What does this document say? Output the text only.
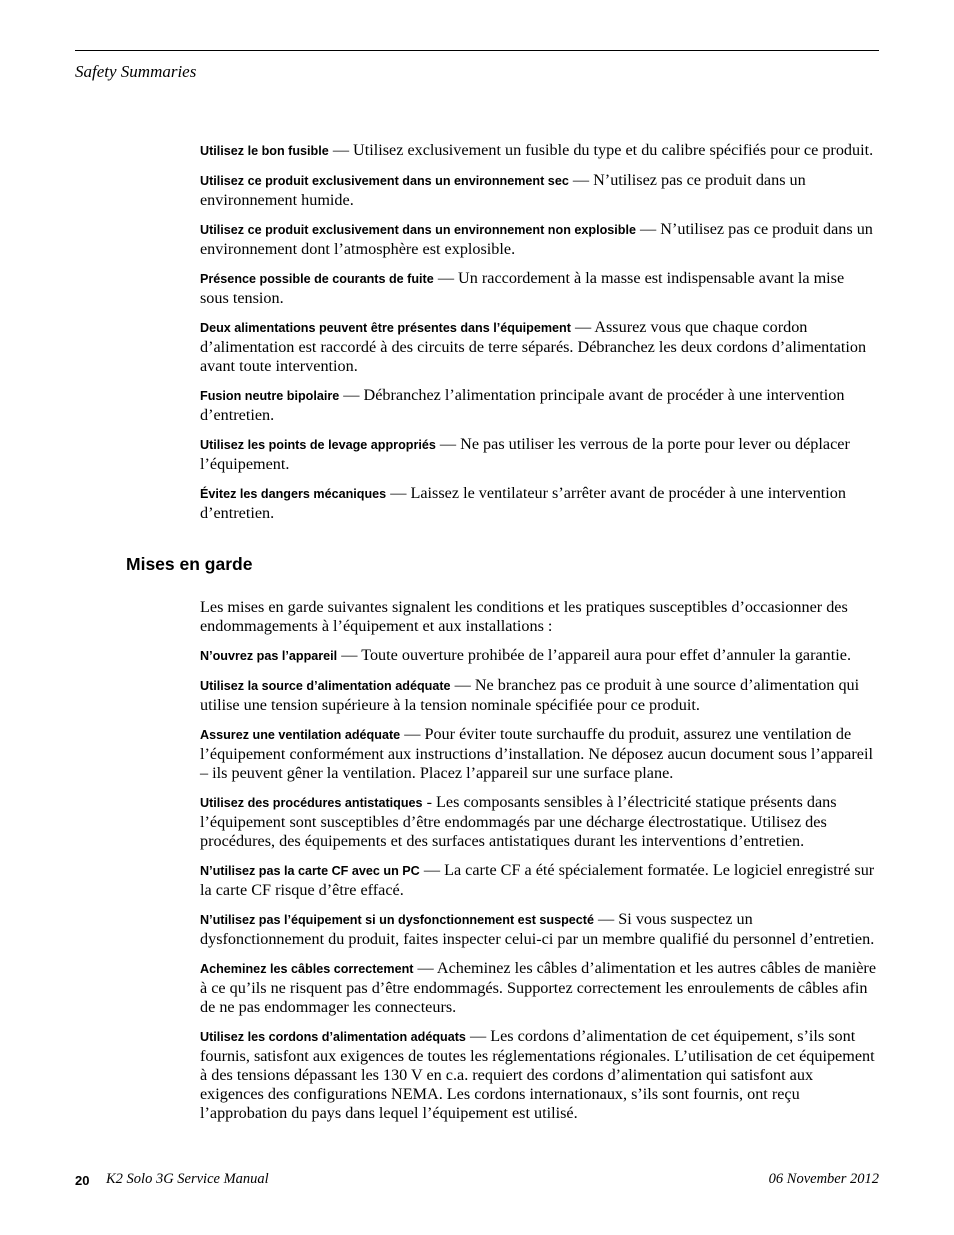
Safety Summaries

Utilisez le bon fusible — Utilisez exclusivement un fusible du type et du calibre spécifiés pour ce produit.

Utilisez ce produit exclusivement dans un environnement sec — N’utilisez pas ce produit dans un environnement humide.

Utilisez ce produit exclusivement dans un environnement non explosible — N’utilisez pas ce produit dans un environnement dont l’atmosphère est explosible.

Présence possible de courants de fuite — Un raccordement à la masse est indispensable avant la mise sous tension.

Deux alimentations peuvent être présentes dans l’équipement — Assurez vous que chaque cordon d’alimentation est raccordé à des circuits de terre séparés. Débranchez les deux cordons d’alimentation avant toute intervention.

Fusion neutre bipolaire — Débranchez l’alimentation principale avant de procéder à une intervention d’entretien.

Utilisez les points de levage appropriés — Ne pas utiliser les verrous de la porte pour lever ou déplacer l’équipement.

Évitez les dangers mécaniques — Laissez le ventilateur s’arrêter avant de procéder à une intervention d’entretien.

Mises en garde

Les mises en garde suivantes signalent les conditions et les pratiques susceptibles d’occasionner des endommagements à l’équipement et aux installations :

N’ouvrez pas l’appareil — Toute ouverture prohibée de l’appareil aura pour effet d’annuler la garantie.

Utilisez la source d’alimentation adéquate — Ne branchez pas ce produit à une source d’alimentation qui utilise une tension supérieure à la tension nominale spécifiée pour ce produit.

Assurez une ventilation adéquate — Pour éviter toute surchauffe du produit, assurez une ventilation de l’équipement conformément aux instructions d’installation. Ne déposez aucun document sous l’appareil – ils peuvent gêner la ventilation. Placez l’appareil sur une surface plane.

Utilisez des procédures antistatiques - Les composants sensibles à l’électricité statique présents dans l’équipement sont susceptibles d’être endommagés par une décharge électrostatique. Utilisez des procédures, des équipements et des surfaces antistatiques durant les interventions d’entretien.

N’utilisez pas la carte CF avec un PC — La carte CF a été spécialement formatée. Le logiciel enregistré sur la carte CF risque d’être effacé.

N’utilisez pas l’équipement si un dysfonctionnement est suspecté — Si vous suspectez un dysfonctionnement du produit, faites inspecter celui-ci par un membre qualifié du personnel d’entretien.

Acheminez les câbles correctement — Acheminez les câbles d’alimentation et les autres câbles de manière à ce qu’ils ne risquent pas d’être endommagés. Supportez correctement les enroulements de câbles afin de ne pas endommager les connecteurs.

Utilisez les cordons d’alimentation adéquats — Les cordons d’alimentation de cet équipement, s’ils sont fournis, satisfont aux exigences de toutes les réglementations régionales. L’utilisation de cet équipement à des tensions dépassant les 130 V en c.a. requiert des cordons d’alimentation qui satisfont aux exigences des configurations NEMA. Les cordons internationaux, s’ils sont fournis, ont reçu l’approbation du pays dans lequel l’équipement est utilisé.

20 K2 Solo 3G Service Manual	06 November 2012
